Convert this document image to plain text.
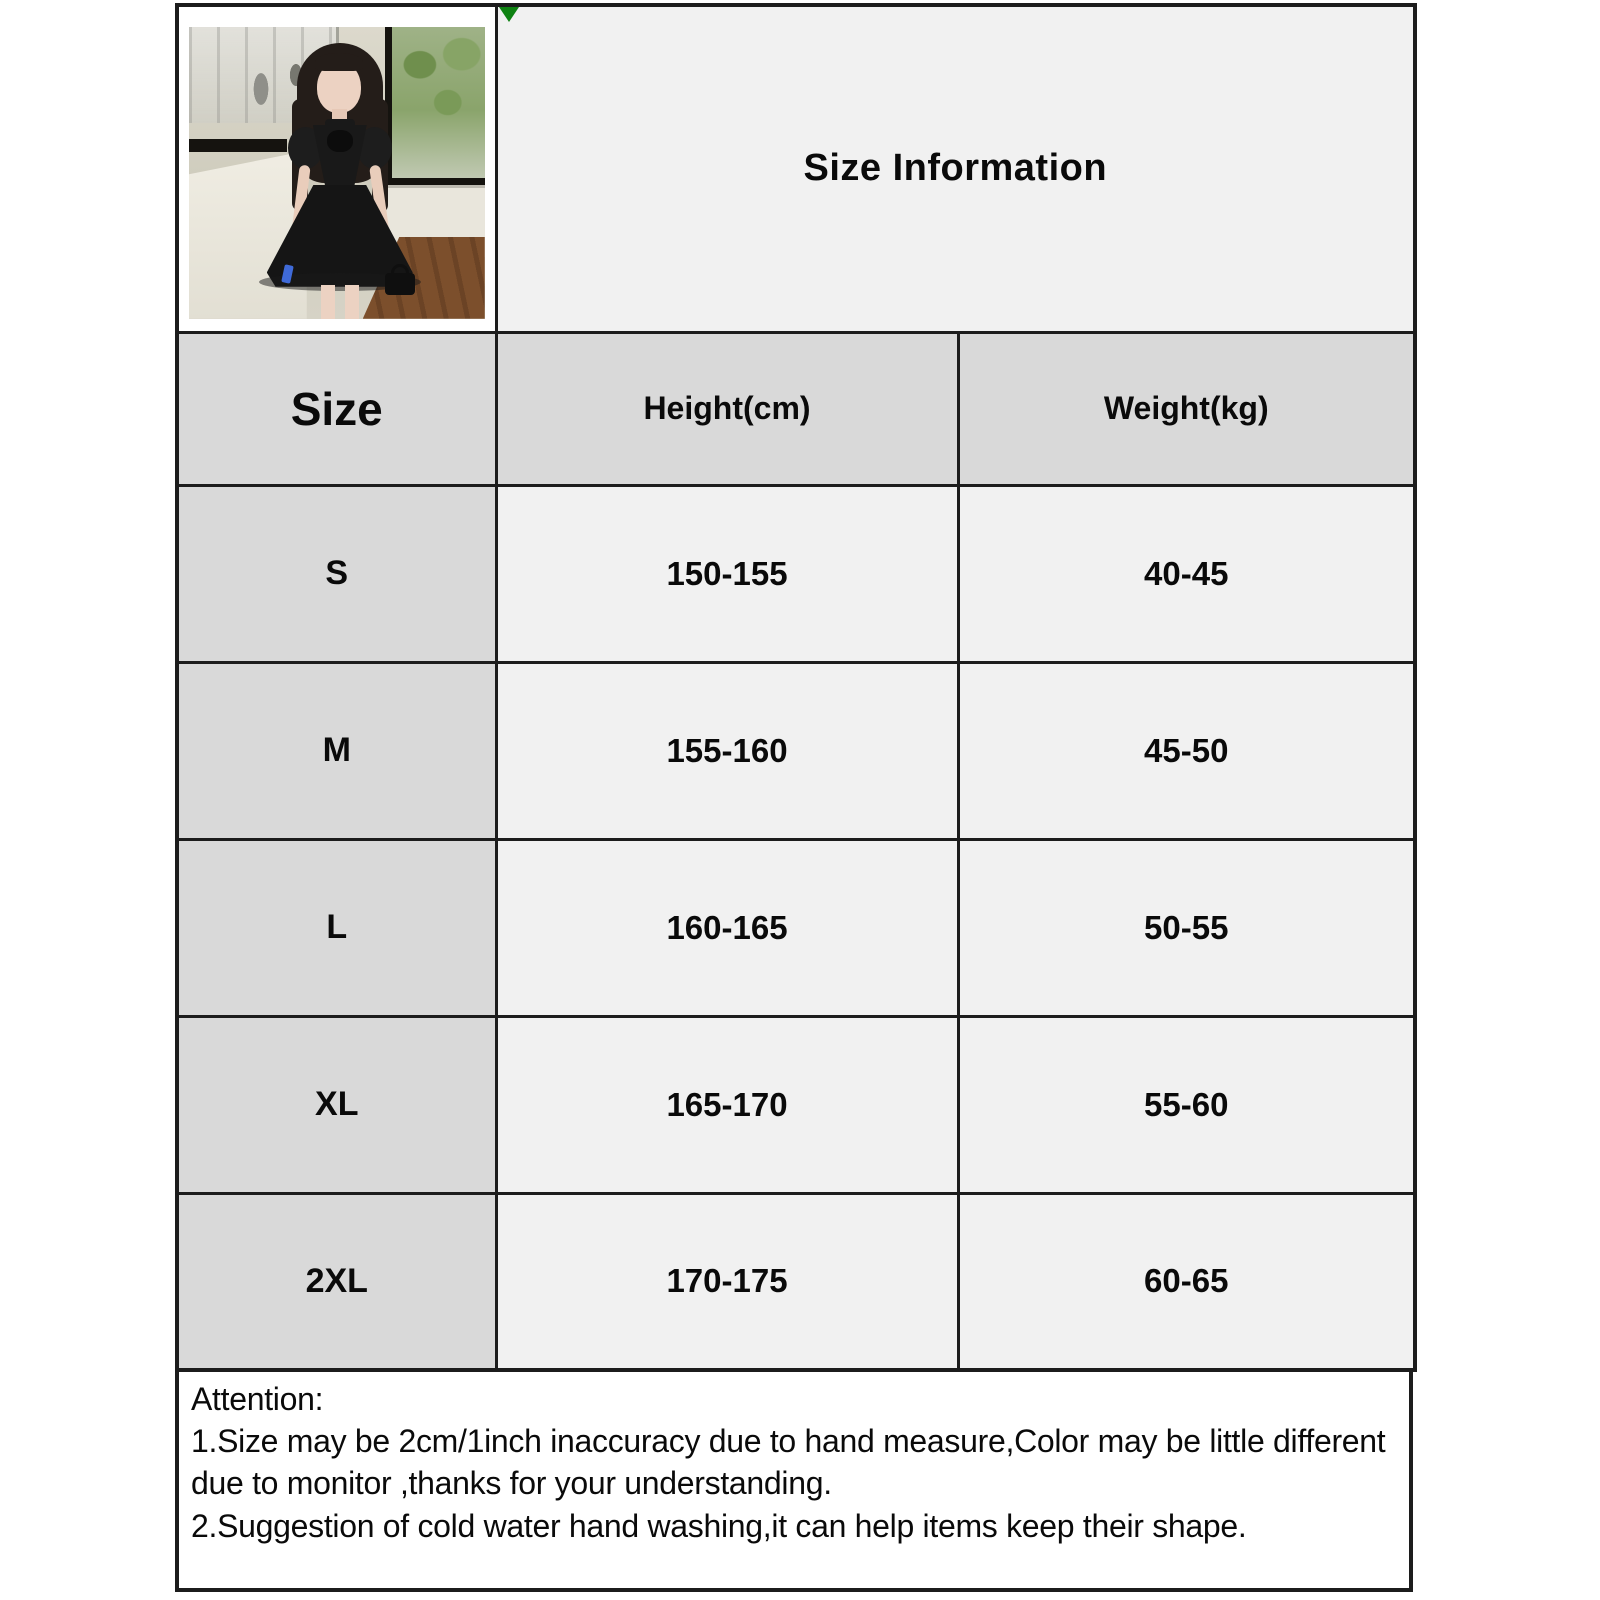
Size Information	
Size	Height(cm)	Weight(kg)
S	150-155	40-45
M	155-160	45-50
L	160-165	50-55
XL	165-170	55-60
2XL	170-175	60-65
Attention:
1.Size may be 2cm/1inch inaccuracy due to hand measure,Color may be little different due to monitor ,thanks for your understanding.
2.Suggestion of cold water hand washing,it can help items keep their shape.
